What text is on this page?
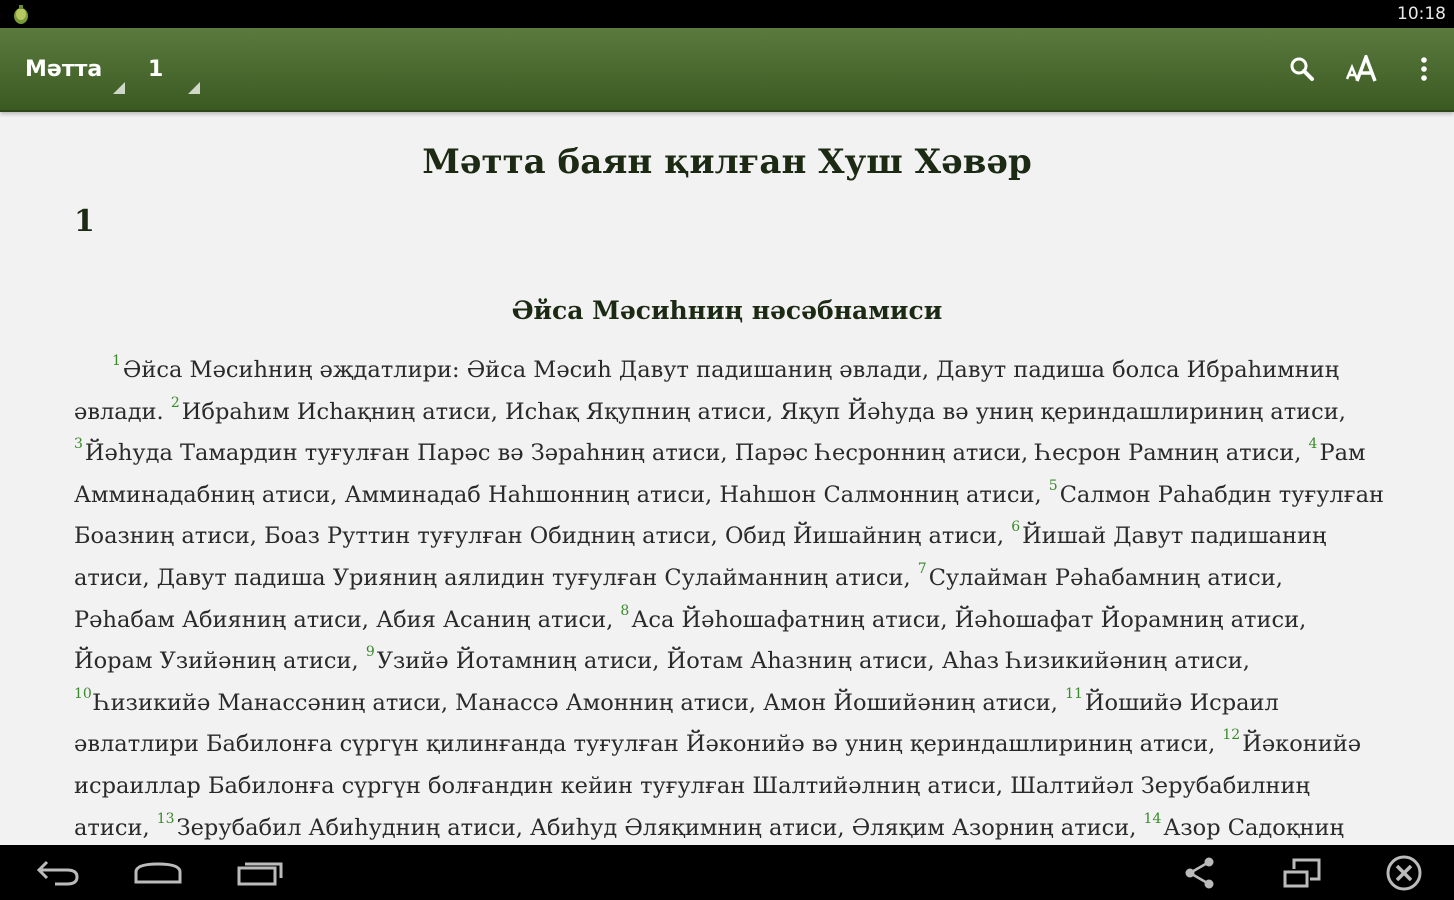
10:18
Мәтта 1
Мәтта баян қилған Хуш Хәвәр
1
Әйса Мәсиһниң нәсәбнамиси

$^1$Әйса Мәсиһниң әҗдатлири: Әйса Мәсиһ Давут падишаниң әвлади, Давут падиша болса Ибраһимниң әвлади. $^2$Ибраһим Исһақниң атиси, Исһақ Яқупниң атиси, Яқуп Йәһуда вә униң қериндашлириниң атиси, $^3$Йәһуда Тамардин туғулған Парәс вә Зәраһниң атиси, Парәс Һесронниң атиси, Һесрон Рамниң атиси, $^4$Рам Амминадабниң атиси, Амминадаб Наһшонниң атиси, Наһшон Салмонниң атиси, $^5$Салмон Раһабдин туғулған Боазниң атиси, Боаз Руттин туғулған Обидниң атиси, Обид Йишайниң атиси, $^6$Йишай Давут падишаниң атиси, Давут падиша Урияниң аялидин туғулған Сулайманниң атиси, $^7$Сулайман Рәһабамниң атиси, Рәһабам Абияниң атиси, Абия Асаниң атиси, $^8$Аса Йәһошафатниң атиси, Йәһошафат Йорамниң атиси, Йорам Узийәниң атиси, $^9$Узийә Йотамниң атиси, Йотам Аһазниң атиси, Аһаз Һизикийәниң атиси, $^{10}$Һизикийә Манассәниң атиси, Манассә Амонниң атиси, Амон Йошийәниң атиси, $^{11}$Йошийә Исраил әвлатлири Бабилонға сүргүн қилинғанда туғулған Йәконийә вә униң қериндашлириниң атиси, $^{12}$Йәконийә исраиллар Бабилонға сүргүн болғандин кейин туғулған Шалтийәлниң атиси, Шалтийәл Зерубабилниң атиси, $^{13}$Зерубабил Абиһудниң атиси, Абиһуд Әляқимниң атиси, Әляқим Азорниң атиси, $^{14}$Азор Садоқниң
